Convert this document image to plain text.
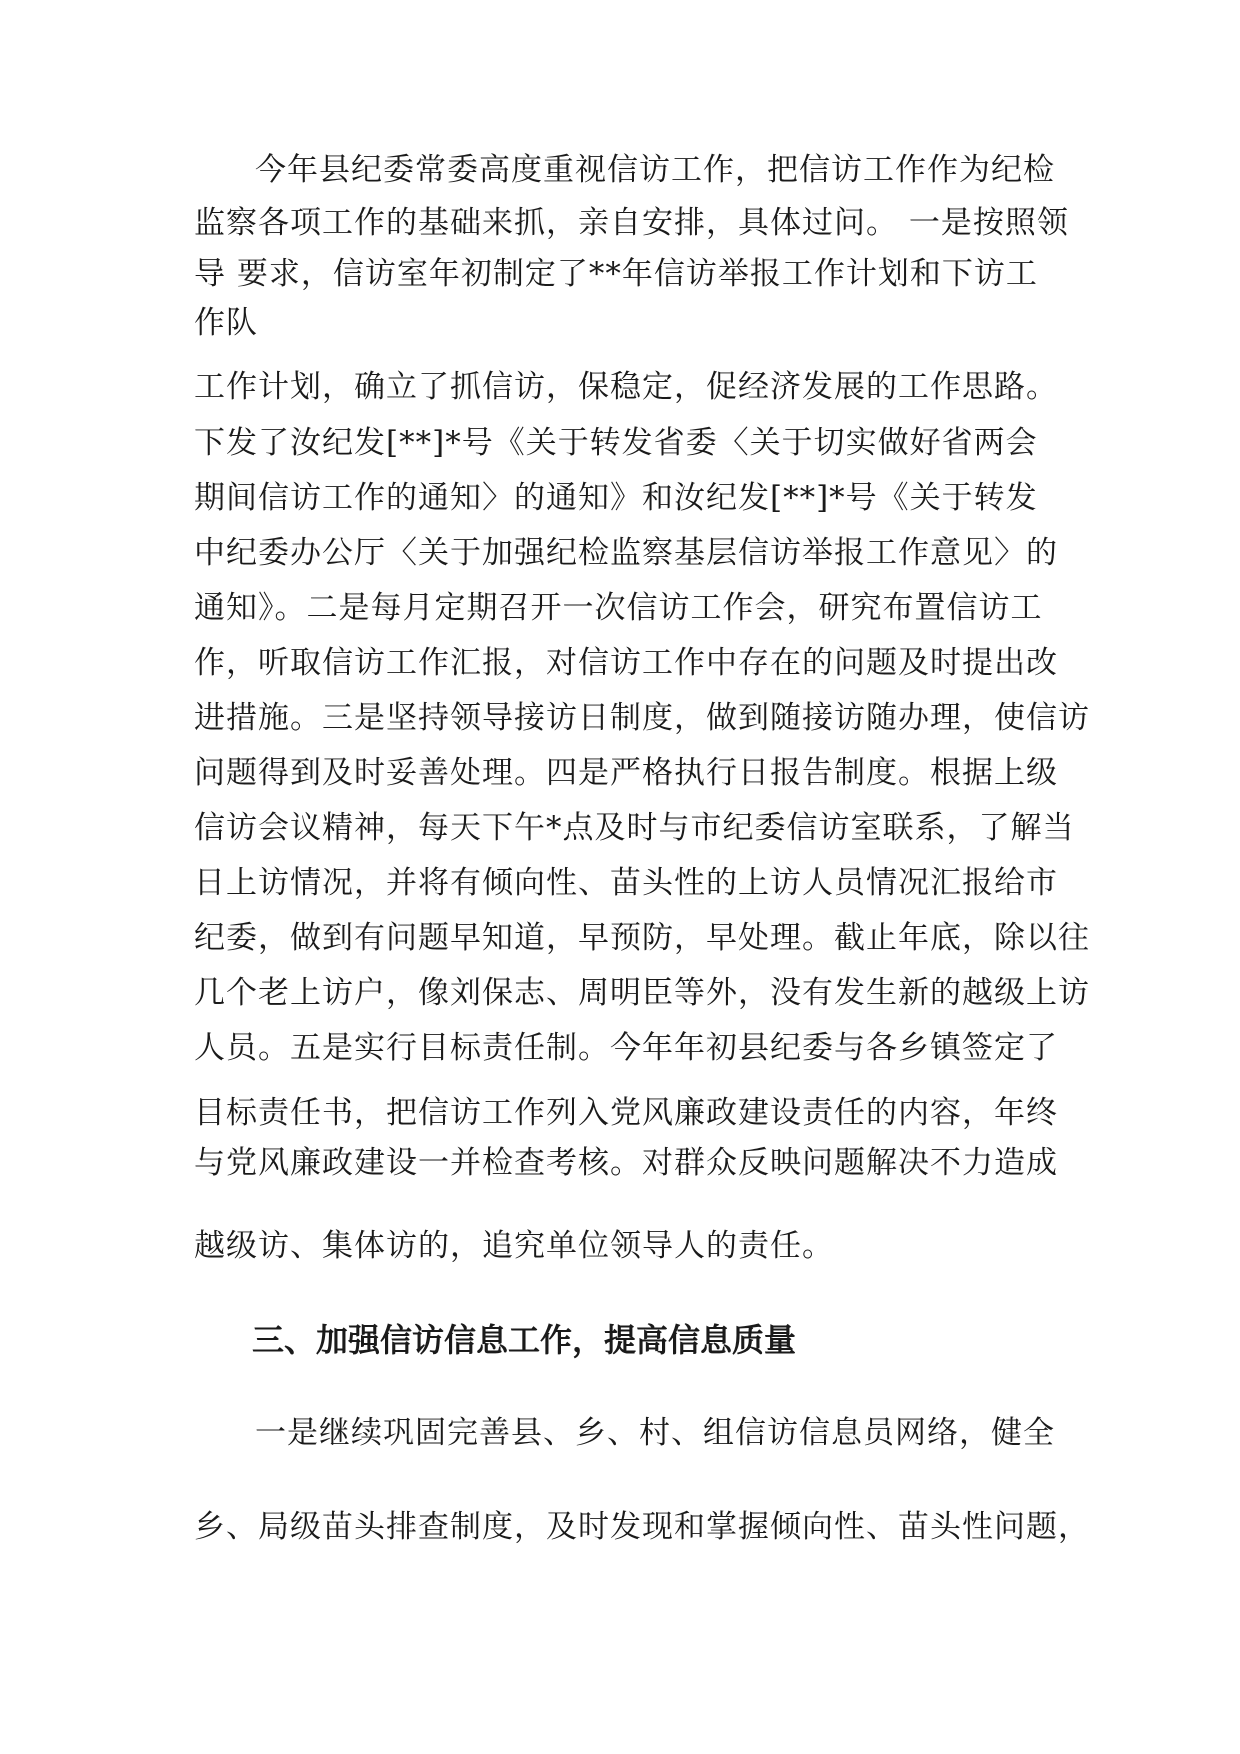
今年县纪委常委高度重视信访工作，把信访工作作为纪检
监察各项工作的基础来抓，亲自安排，具体过问。 一是按照领
导 要求，信访室年初制定了**年信访举报工作计划和下访工
作队
工作计划，确立了抓信访，保稳定，促经济发展的工作思路。
下发了汝纪发[**]*号《关于转发省委〈关于切实做好省两会
期间信访工作的通知〉的通知》和汝纪发[**]*号《关于转发
中纪委办公厅〈关于加强纪检监察基层信访举报工作意见〉的
通知》。二是每月定期召开一次信访工作会，研究布置信访工
作，听取信访工作汇报，对信访工作中存在的问题及时提出改
进措施。三是坚持领导接访日制度，做到随接访随办理，使信访
问题得到及时妥善处理。四是严格执行日报告制度。根据上级
信访会议精神，每天下午*点及时与市纪委信访室联系，了解当
日上访情况，并将有倾向性、苗头性的上访人员情况汇报给市
纪委，做到有问题早知道，早预防，早处理。截止年底，除以往
几个老上访户，像刘保志、周明臣等外，没有发生新的越级上访
人员。五是实行目标责任制。今年年初县纪委与各乡镇签定了
目标责任书，把信访工作列入党风廉政建设责任的内容，年终
与党风廉政建设一并检查考核。对群众反映问题解决不力造成
越级访、集体访的，追究单位领导人的责任。
三、加强信访信息工作，提高信息质量
一是继续巩固完善县、乡、村、组信访信息员网络，健全
乡、局级苗头排查制度，及时发现和掌握倾向性、苗头性问题，
